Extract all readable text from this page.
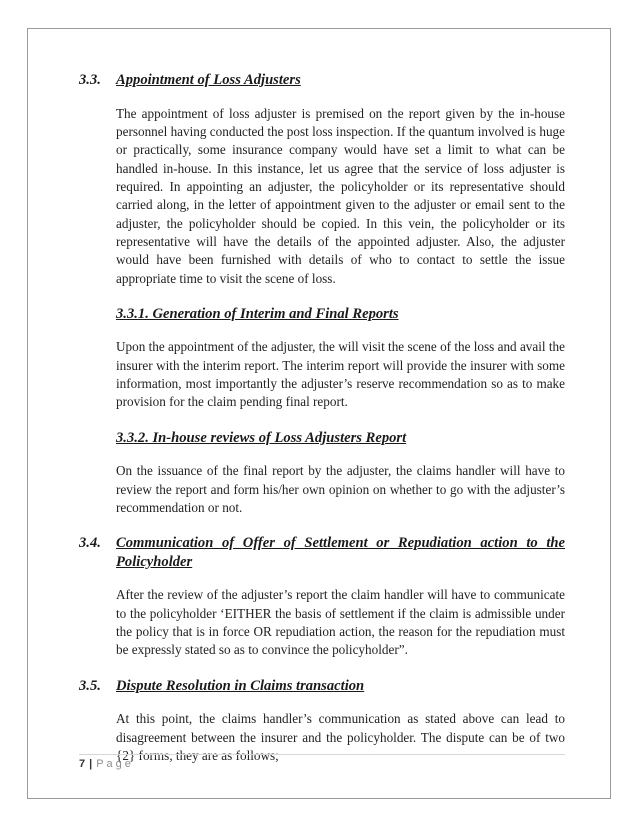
3.3.	Appointment of Loss Adjusters
The appointment of loss adjuster is premised on the report given by the in-house personnel having conducted the post loss inspection. If the quantum involved is huge or practically, some insurance company would have set a limit to what can be handled in-house. In this instance, let us agree that the service of loss adjuster is required. In appointing an adjuster, the policyholder or its representative should carried along, in the letter of appointment given to the adjuster or email sent to the adjuster, the policyholder should be copied. In this vein, the policyholder or its representative will have the details of the appointed adjuster. Also, the adjuster would have been furnished with details of who to contact to settle the issue appropriate time to visit the scene of loss.
3.3.1. Generation of Interim and Final Reports
Upon the appointment of the adjuster, the will visit the scene of the loss and avail the insurer with the interim report. The interim report will provide the insurer with some information, most importantly the adjuster’s reserve recommendation so as to make provision for the claim pending final report.
3.3.2. In-house reviews of Loss Adjusters Report
On the issuance of the final report by the adjuster, the claims handler will have to review the report and form his/her own opinion on whether to go with the adjuster’s recommendation or not.
3.4.	Communication of Offer of Settlement or Repudiation action to the Policyholder
After the review of the adjuster’s report the claim handler will have to communicate to the policyholder ‘EITHER the basis of settlement if the claim is admissible under the policy that is in force OR repudiation action, the reason for the repudiation must be expressly stated so as to convince the policyholder”.
3.5.	Dispute Resolution in Claims transaction
At this point, the claims handler’s communication as stated above can lead to disagreement between the insurer and the policyholder. The dispute can be of two {2} forms, they are as follows;
7 | Page
